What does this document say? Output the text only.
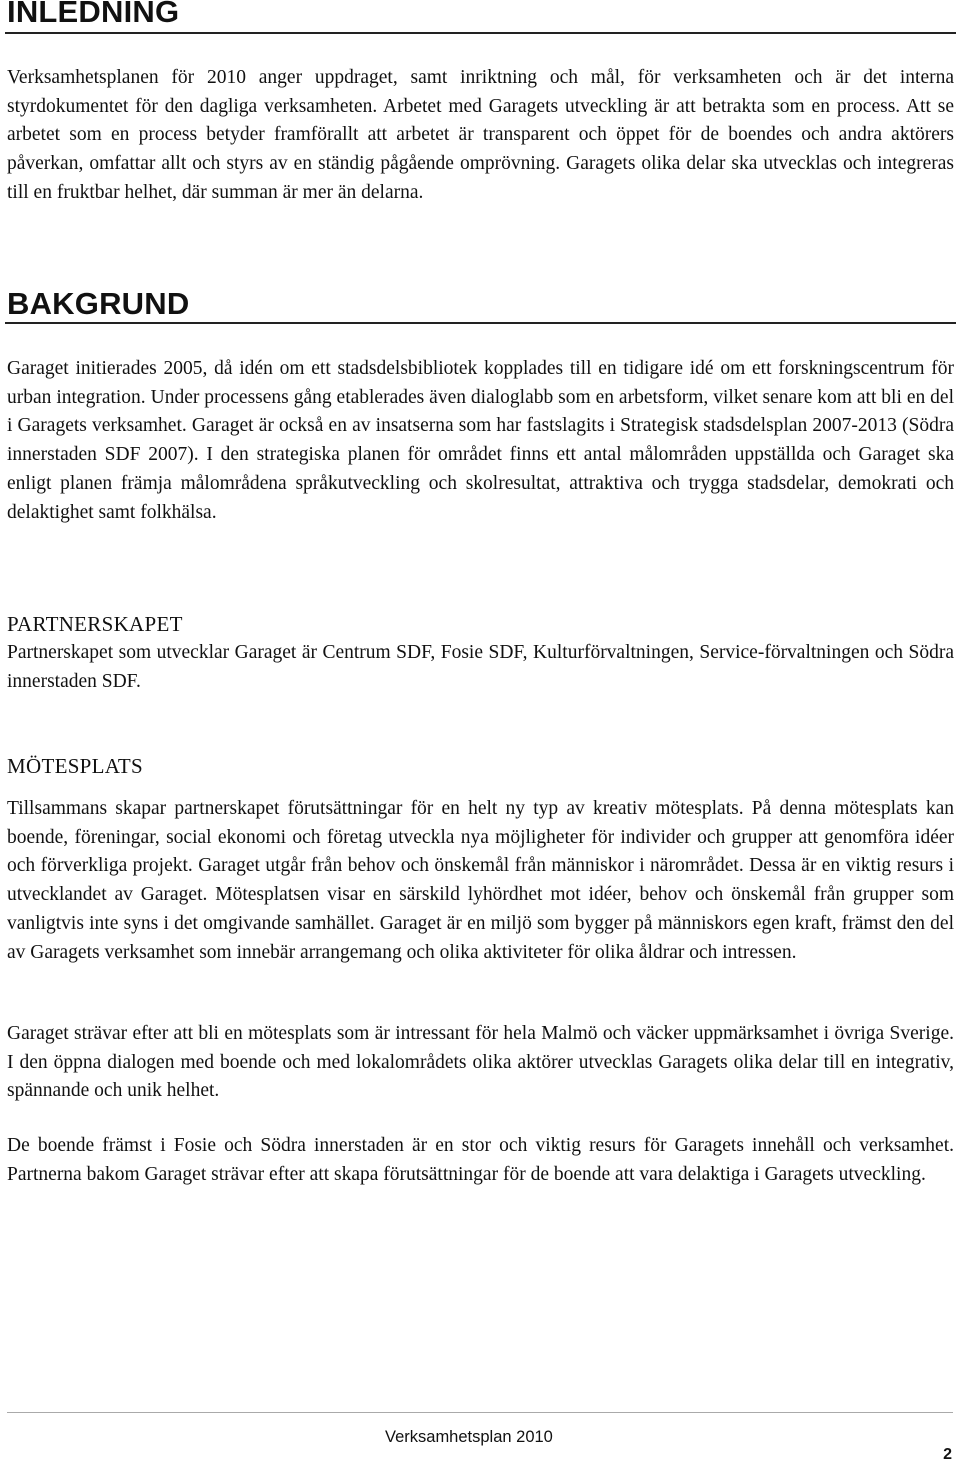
INLEDNING

Verksamhetsplanen för 2010 anger uppdraget, samt inriktning och mål, för verksamheten och är det interna styrdokumentet för den dagliga verksamheten. Arbetet med Garagets utveckling är att betrakta som en process. Att se arbetet som en process betyder framförallt att arbetet är transparent och öppet för de boendes och andra aktörers påverkan, omfattar allt och styrs av en ständig pågående omprövning. Garagets olika delar ska utvecklas och integreras till en fruktbar helhet, där summan är mer än delarna.

BAKGRUND

Garaget initierades 2005, då idén om ett stadsdelsbibliotek kopplades till en tidigare idé om ett forskningscentrum för urban integration. Under processens gång etablerades även dialoglabb som en arbetsform, vilket senare kom att bli en del i Garagets verksamhet. Garaget är också en av insatserna som har fastslagits i Strategisk stadsdelsplan 2007-2013 (Södra innerstaden SDF 2007). I den strategiska planen för området finns ett antal målområden uppställda och Garaget ska enligt planen främja målområdena språkutveckling och skolresultat, attraktiva och trygga stadsdelar, demokrati och delaktighet samt folkhälsa.

PARTNERSKAPET

Partnerskapet som utvecklar Garaget är Centrum SDF, Fosie SDF, Kulturförvaltningen, Service-förvaltningen och Södra innerstaden SDF.

MÖTESPLATS

Tillsammans skapar partnerskapet förutsättningar för en helt ny typ av kreativ mötesplats. På denna mötesplats kan boende, föreningar, social ekonomi och företag utveckla nya möjligheter för individer och grupper att genomföra idéer och förverkliga projekt. Garaget utgår från behov och önskemål från människor i närområdet. Dessa är en viktig resurs i utvecklandet av Garaget. Mötesplatsen visar en särskild lyhördhet mot idéer, behov och önskemål från grupper som vanligtvis inte syns i det omgivande samhället. Garaget är en miljö som bygger på människors egen kraft, främst den del av Garagets verksamhet som innebär arrangemang och olika aktiviteter för olika åldrar och intressen.

Garaget strävar efter att bli en mötesplats som är intressant för hela Malmö och väcker uppmärksamhet i övriga Sverige. I den öppna dialogen med boende och med lokalområdets olika aktörer utvecklas Garagets olika delar till en integrativ, spännande och unik helhet.

De boende främst i Fosie och Södra innerstaden är en stor och viktig resurs för Garagets innehåll och verksamhet. Partnerna bakom Garaget strävar efter att skapa förutsättningar för de boende att vara delaktiga i Garagets utveckling.

Verksamhetsplan 2010
2
